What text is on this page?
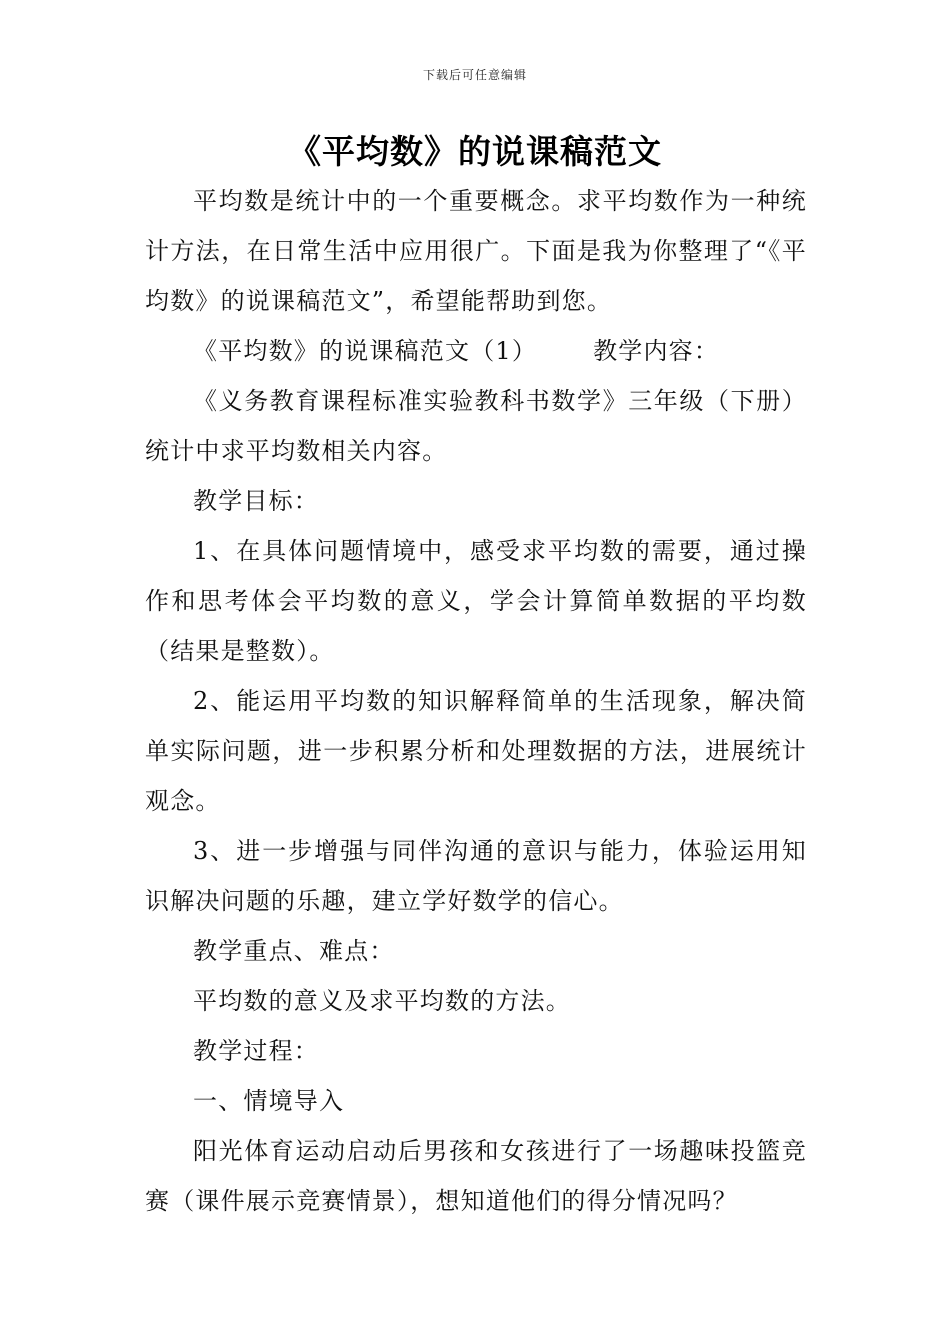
下载后可任意编辑
《平均数》的说课稿范文

平均数是统计中的一个重要概念。求平均数作为一种统计方法，在日常生活中应用很广。下面是我为你整理了“《平均数》的说课稿范文”，希望能帮助到您。

《平均数》的说课稿范文（1） 教学内容：

《义务教育课程标准实验教科书数学》三年级（下册）统计中求平均数相关内容。

教学目标：

1、在具体问题情境中，感受求平均数的需要，通过操作和思考体会平均数的意义，学会计算简单数据的平均数（结果是整数）。

2、能运用平均数的知识解释简单的生活现象，解决简单实际问题，进一步积累分析和处理数据的方法，进展统计观念。

3、进一步增强与同伴沟通的意识与能力，体验运用知识解决问题的乐趣，建立学好数学的信心。

教学重点、难点：

平均数的意义及求平均数的方法。

教学过程：

一、情境导入

阳光体育运动启动后男孩和女孩进行了一场趣味投篮竞赛（课件展示竞赛情景），想知道他们的得分情况吗？
